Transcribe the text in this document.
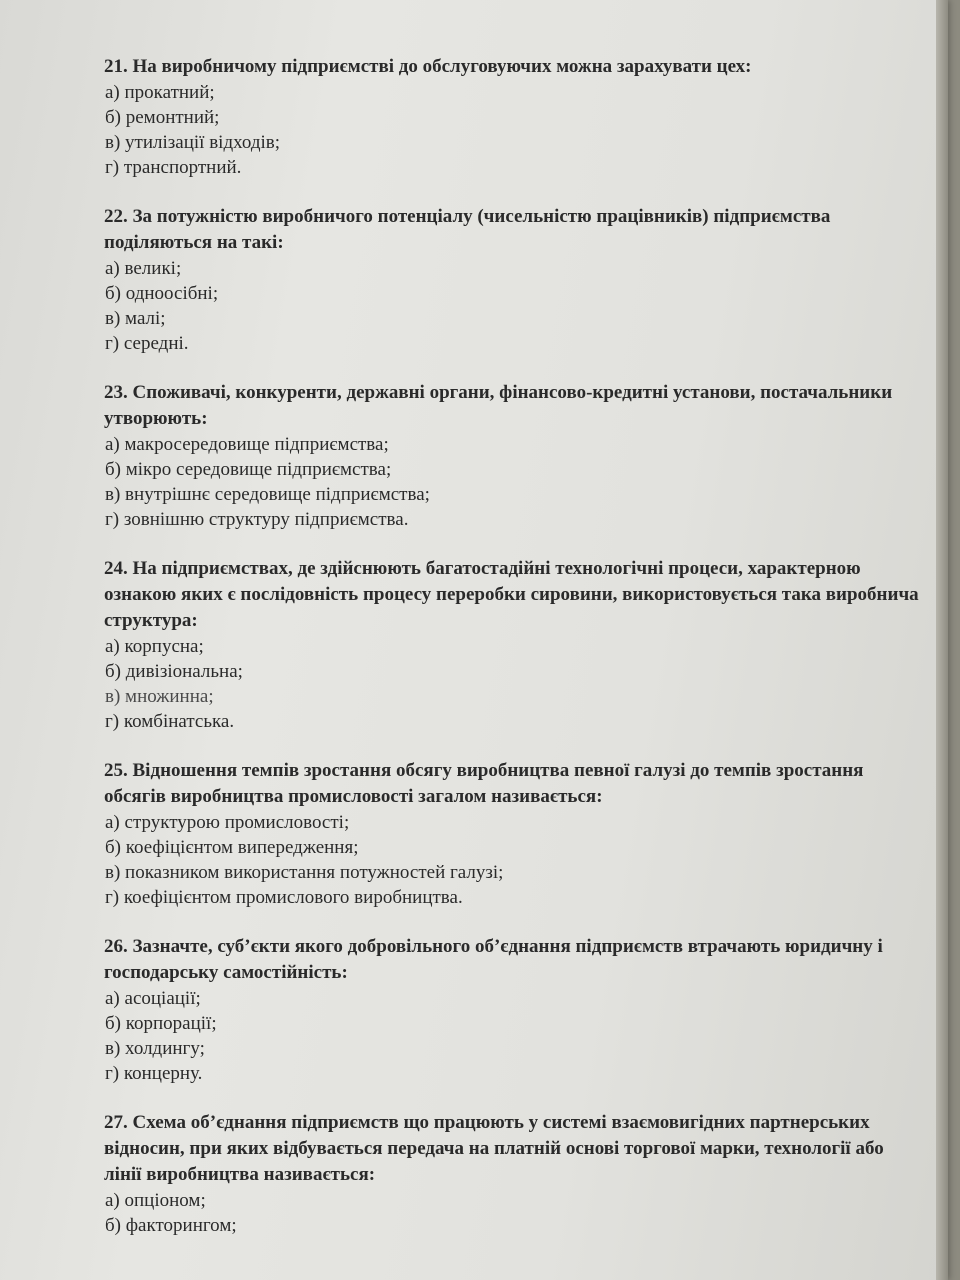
21. На виробничому підприємстві до обслуговуючих можна зарахувати цех:

а) прокатний;

б) ремонтний;

в) утилізації відходів;

г) транспортний.

22. За потужністю виробничого потенціалу (чисельністю працівників) підприємства поділяються на такі:

а) великі;

б) одноосібні;

в) малі;

г) середні.

23. Споживачі, конкуренти, державні органи, фінансово-кредитні установи, постачальники утворюють:

а) макросередовище підприємства;

б) мікро середовище підприємства;

в) внутрішнє середовище підприємства;

г) зовнішню структуру підприємства.

24. На підприємствах, де здійснюють багатостадійні технологічні процеси, характерною ознакою яких є послідовність процесу переробки сировини, використовується така виробнича структура:

а) корпусна;

б) дивізіональна;

в) множинна;

г) комбінатська.

25. Відношення темпів зростання обсягу виробництва певної галузі до темпів зростання обсягів виробництва промисловості загалом називається:

а) структурою промисловості;

б) коефіцієнтом випередження;

в) показником використання потужностей галузі;

г) коефіцієнтом промислового виробництва.

26. Зазначте, суб’єкти якого добровільного об’єднання підприємств втрачають юридичну і господарську самостійність:

а) асоціації;

б) корпорації;

в) холдингу;

г) концерну.

27. Схема об’єднання підприємств що працюють у системі взаємовигідних партнерських відносин, при яких відбувається передача на платній основі торгової марки, технології або лінії виробництва називається:

а) опціоном;

б) факторингом;
